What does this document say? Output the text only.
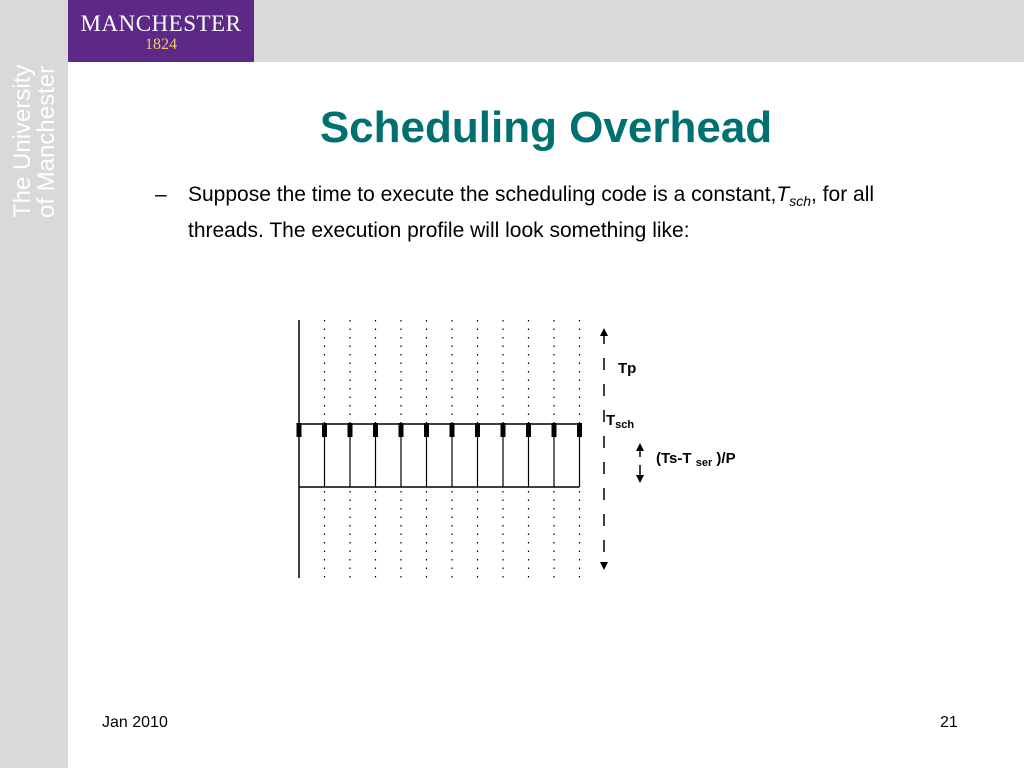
MANCHESTER
1824
The University
of Manchester	Scheduling Overhead
– Suppose the time to execute the scheduling code is a $constant,T_{sch}$, for all threads. The execution profile will look something like:
Tp
$T_{sch}$
(Ts-T $_{ser}$ )/P
Jan 2010	21
